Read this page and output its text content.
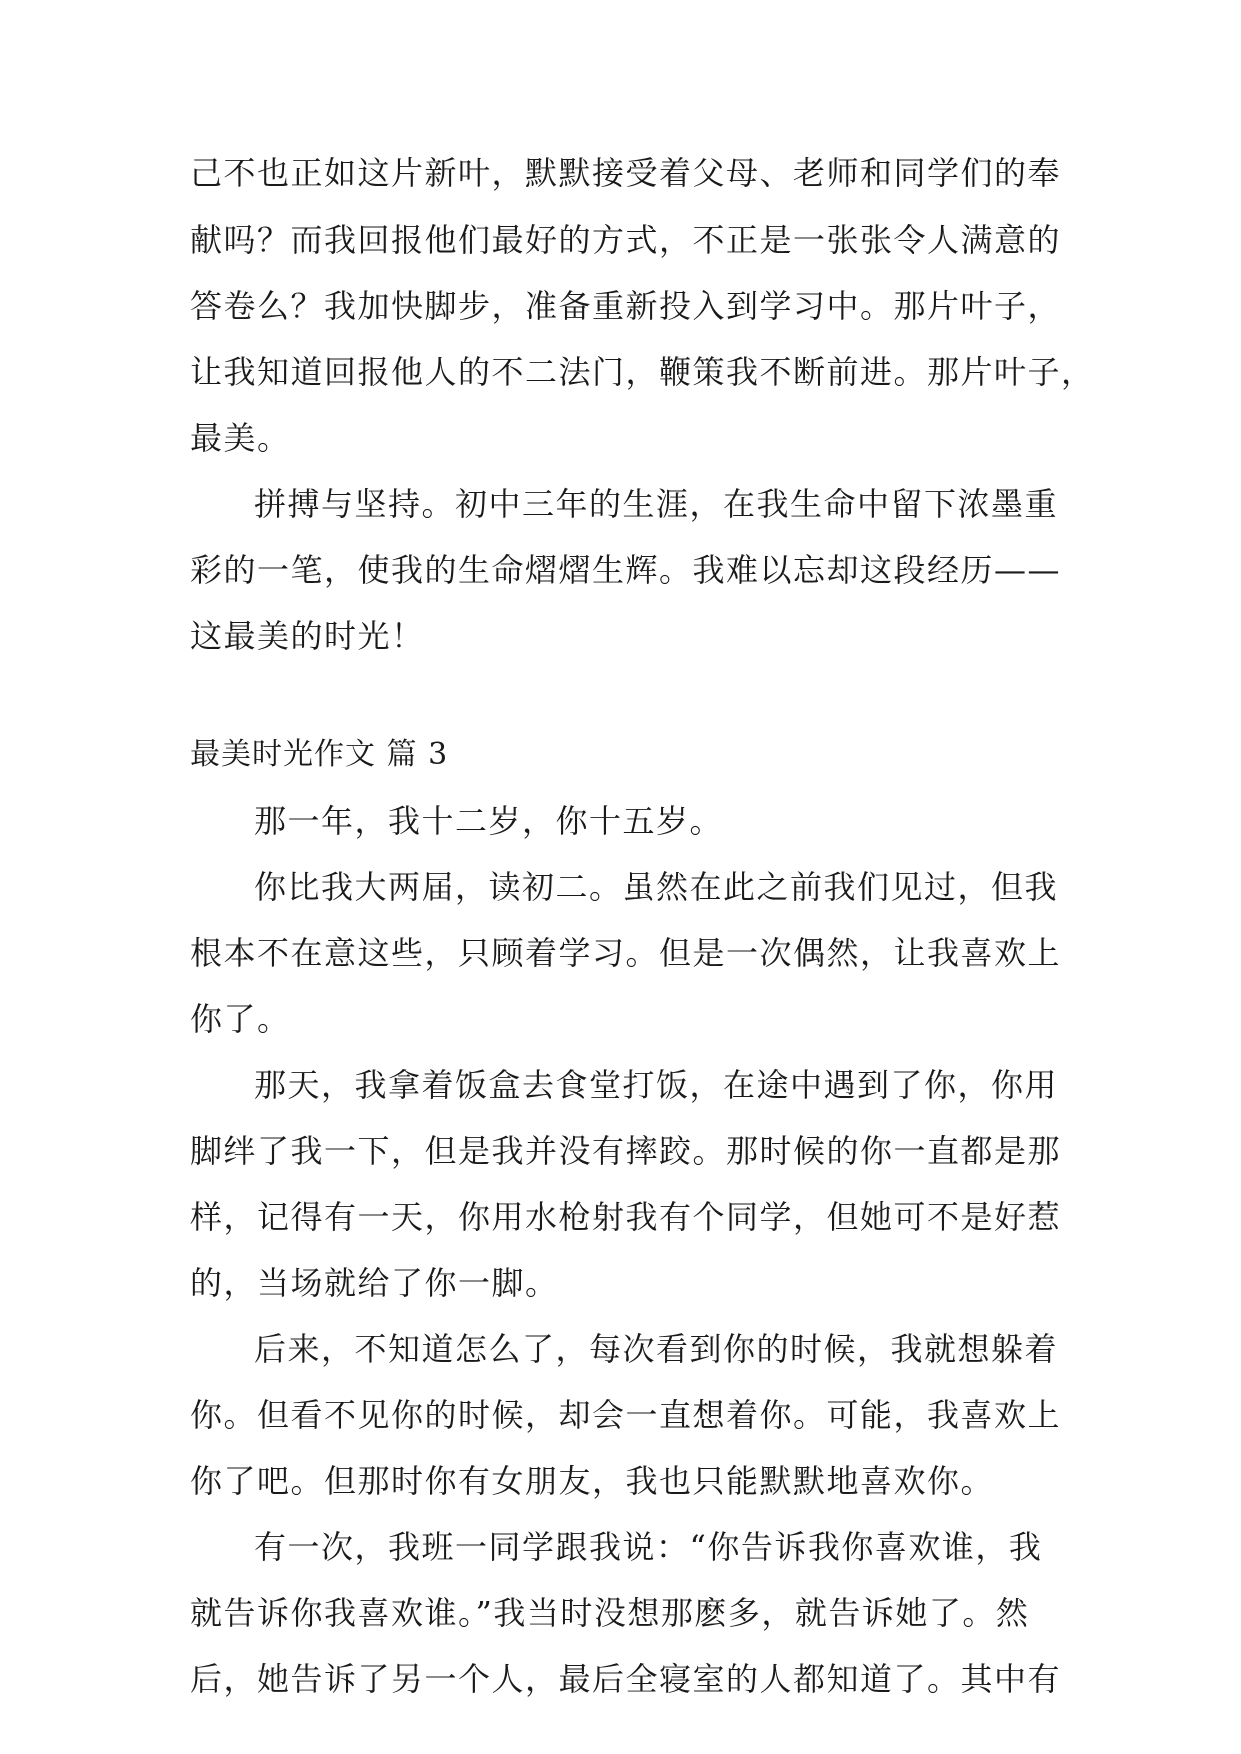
己不也正如这片新叶，默默接受着父母、老师和同学们的奉
献吗？而我回报他们最好的方式，不正是一张张令人满意的
答卷么？我加快脚步，准备重新投入到学习中。那片叶子，
让我知道回报他人的不二法门，鞭策我不断前进。那片叶子，
最美。
拼搏与坚持。初中三年的生涯，在我生命中留下浓墨重
彩的一笔，使我的生命熠熠生辉。我难以忘却这段经历——
这最美的时光！
最美时光作文 篇 3
那一年，我十二岁，你十五岁。
你比我大两届，读初二。虽然在此之前我们见过，但我
根本不在意这些，只顾着学习。但是一次偶然，让我喜欢上
你了。
那天，我拿着饭盒去食堂打饭，在途中遇到了你，你用
脚绊了我一下，但是我并没有摔跤。那时候的你一直都是那
样，记得有一天，你用水枪射我有个同学，但她可不是好惹
的，当场就给了你一脚。
后来，不知道怎么了，每次看到你的时候，我就想躲着
你。但看不见你的时候，却会一直想着你。可能，我喜欢上
你了吧。但那时你有女朋友，我也只能默默地喜欢你。
有一次，我班一同学跟我说：“你告诉我你喜欢谁，我
就告诉你我喜欢谁。”我当时没想那麽多，就告诉她了。然
后，她告诉了另一个人，最后全寝室的人都知道了。其中有
